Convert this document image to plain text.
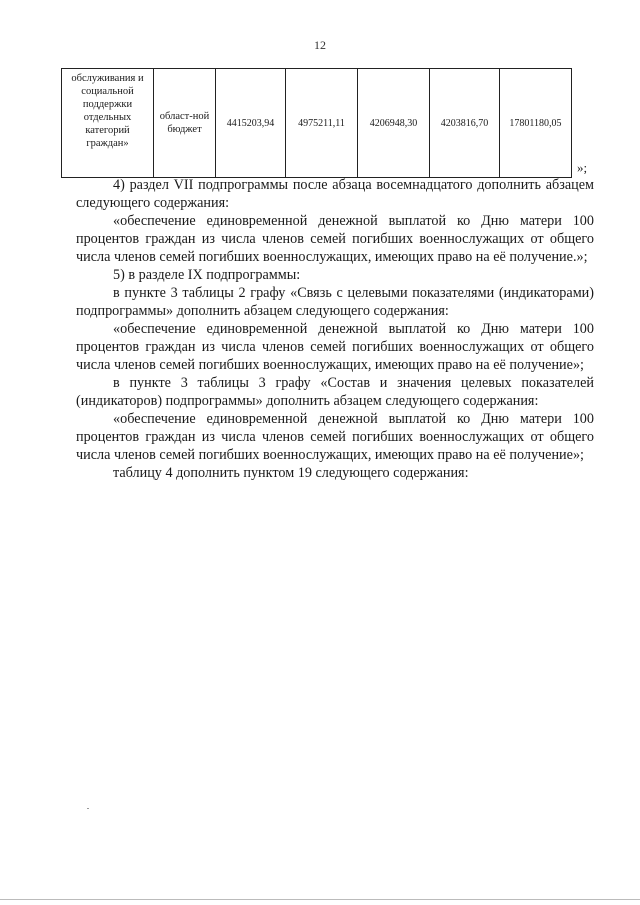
12
обслуживания и социальной поддержки отдельных категорий граждан»	област-ной бюджет	4415203,94	4975211,11	4206948,30	4203816,70	17801180,05
»;

4) раздел VII подпрограммы после абзаца восемнадцатого дополнить абзацем следующего содержания:

«обеспечение единовременной денежной выплатой ко Дню матери 100 процентов граждан из числа членов семей погибших военнослужащих от общего числа членов семей погибших военнослужащих, имеющих право на её получение.»;

5) в разделе IX подпрограммы:

в пункте 3 таблицы 2 графу «Связь с целевыми показателями (индикаторами) подпрограммы» дополнить абзацем следующего содержания:

«обеспечение единовременной денежной выплатой ко Дню матери 100 процентов граждан из числа членов семей погибших военнослужащих от общего числа членов семей погибших военнослужащих, имеющих право на её получение»;

в пункте 3 таблицы 3 графу «Состав и значения целевых показателей (индикаторов) подпрограммы» дополнить абзацем следующего содержания:

«обеспечение единовременной денежной выплатой ко Дню матери 100 процентов граждан из числа членов семей погибших военнослужащих от общего числа членов семей погибших военнослужащих, имеющих право на её получение»;

таблицу 4 дополнить пунктом 19 следующего содержания:
